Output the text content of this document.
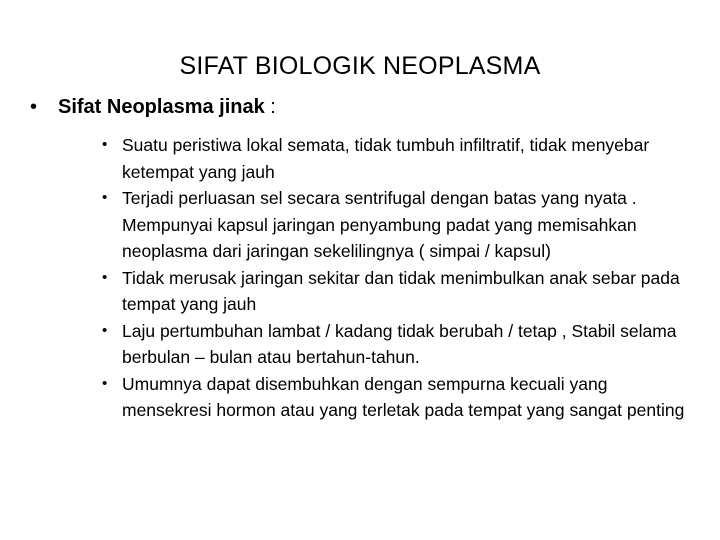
SIFAT BIOLOGIK NEOPLASMA
• Sifat Neoplasma jinak :
• Suatu peristiwa lokal semata, tidak tumbuh infiltratif, tidak menyebar ketempat yang jauh
• Terjadi perluasan sel secara sentrifugal dengan batas yang nyata . Mempunyai kapsul jaringan penyambung padat yang memisahkan neoplasma dari jaringan sekelilingnya ( simpai / kapsul)
• Tidak merusak jaringan sekitar dan tidak menimbulkan anak sebar pada tempat yang jauh
• Laju pertumbuhan lambat / kadang tidak berubah / tetap , Stabil selama berbulan – bulan atau bertahun-tahun.
• Umumnya dapat disembuhkan dengan sempurna kecuali yang mensekresi hormon atau yang terletak pada tempat yang sangat penting
